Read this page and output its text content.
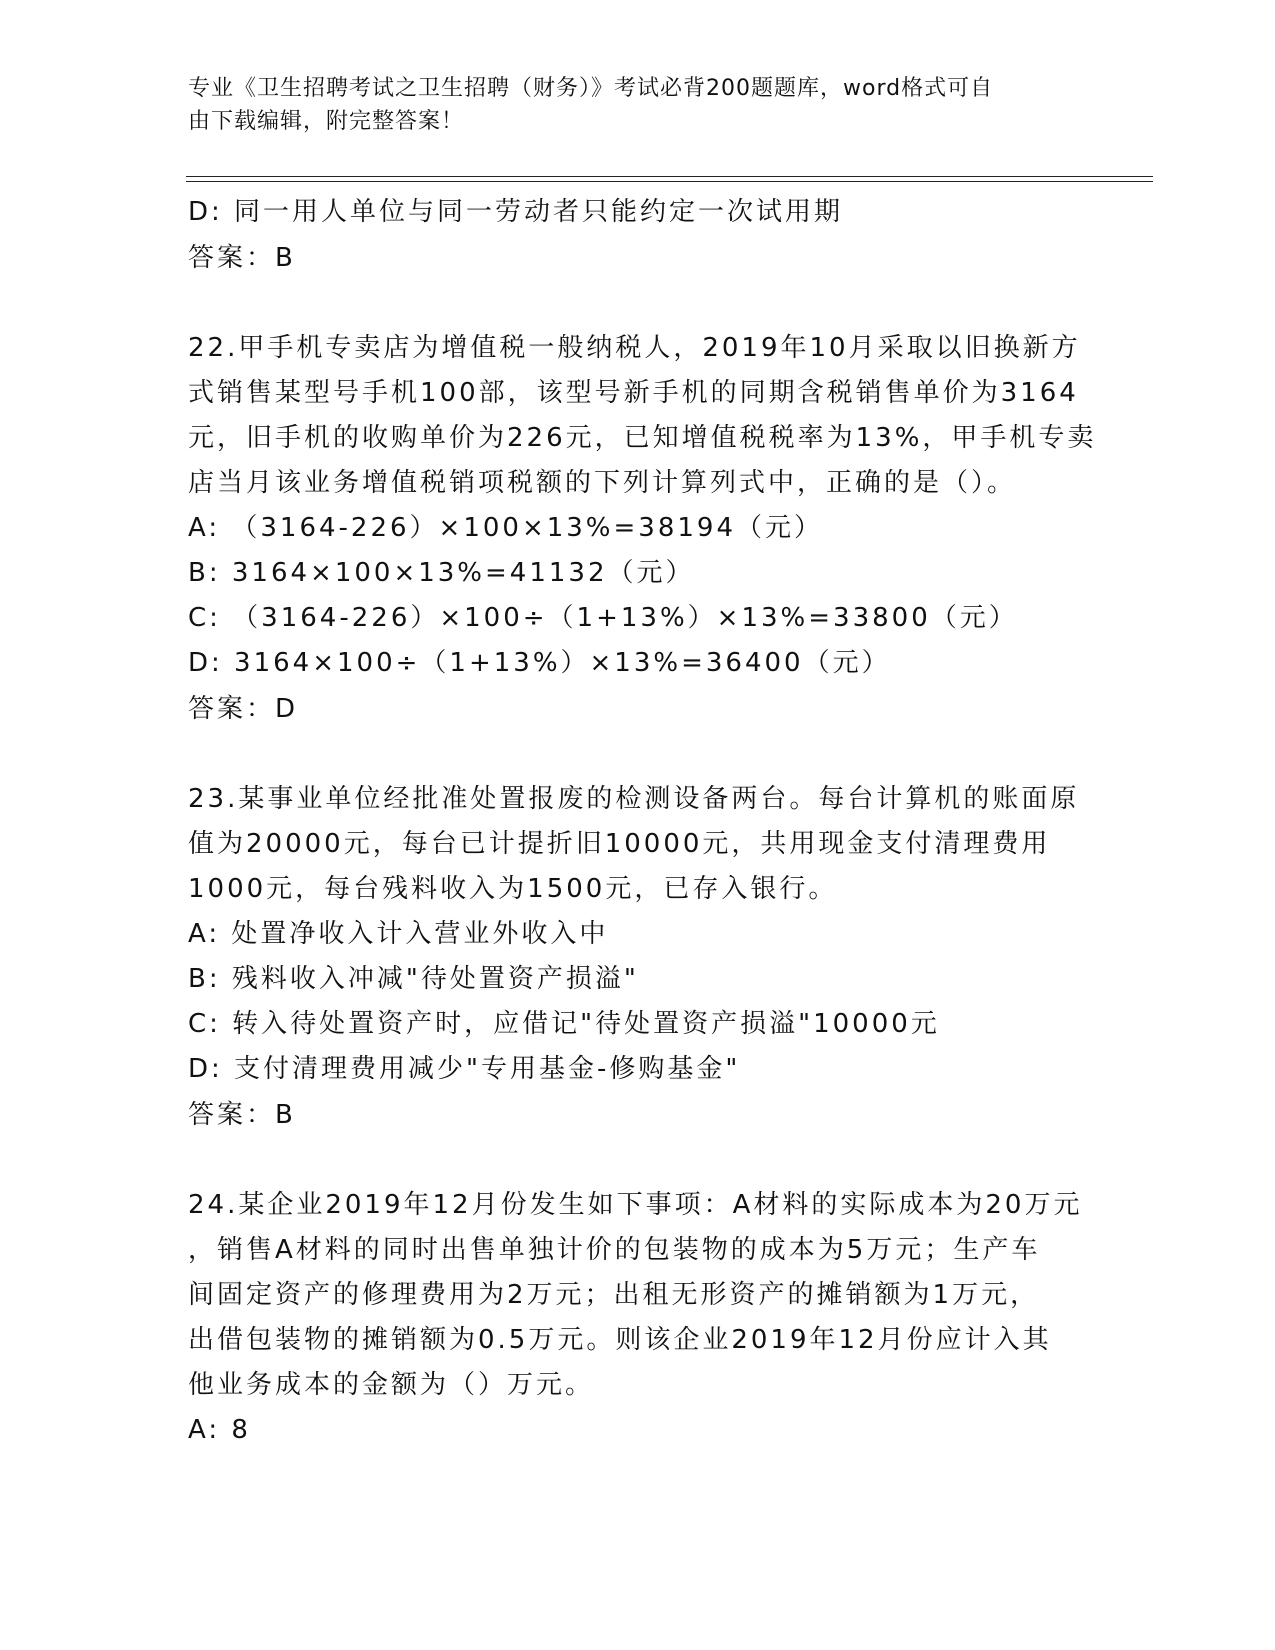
专业《卫生招聘考试之卫生招聘（财务）》考试必背200题题库，word格式可自
由下载编辑，附完整答案！
D: 同一用人单位与同一劳动者只能约定一次试用期
答案：B
22.甲手机专卖店为增值税一般纳税人，2019年10月采取以旧换新方
式销售某型号手机100部，该型号新手机的同期含税销售单价为3164
元，旧手机的收购单价为226元，已知增值税税率为13%，甲手机专卖
店当月该业务增值税销项税额的下列计算列式中，正确的是（）。
A: （3164-226）×100×13%=38194（元）
B: 3164×100×13%=41132（元）
C: （3164-226）×100÷（1+13%）×13%=33800（元）
D: 3164×100÷（1+13%）×13%=36400（元）
答案：D
23.某事业单位经批准处置报废的检测设备两台。每台计算机的账面原
值为20000元，每台已计提折旧10000元，共用现金支付清理费用
1000元，每台残料收入为1500元，已存入银行。
A: 处置净收入计入营业外收入中
B: 残料收入冲减"待处置资产损溢"
C: 转入待处置资产时，应借记"待处置资产损溢"10000元
D: 支付清理费用减少"专用基金-修购基金"
答案：B
24.某企业2019年12月份发生如下事项：A材料的实际成本为20万元
，销售A材料的同时出售单独计价的包装物的成本为5万元；生产车
间固定资产的修理费用为2万元；出租无形资产的摊销额为1万元，
出借包装物的摊销额为0.5万元。则该企业2019年12月份应计入其
他业务成本的金额为（）万元。
A: 8
